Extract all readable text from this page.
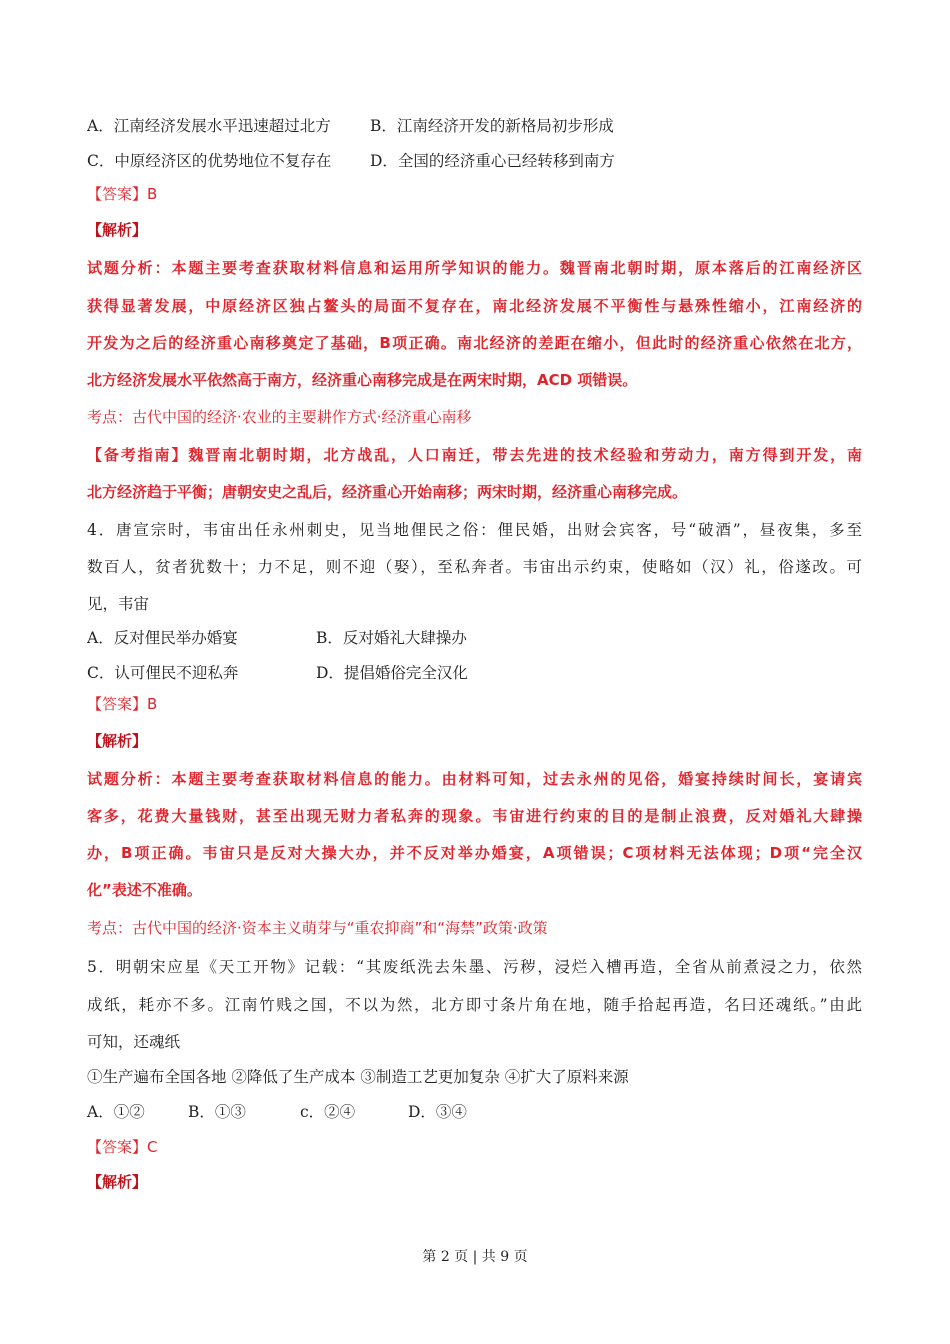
A．江南经济发展水平迅速超过北方	B．江南经济开发的新格局初步形成
C．中原经济区的优势地位不复存在 D．全国的经济重心已经转移到南方
【答案】B
【解析】
试题分析：本题主要考查获取材料信息和运用所学知识的能力。魏晋南北朝时期，原本落后的江南经济区
获得显著发展，中原经济区独占鳌头的局面不复存在，南北经济发展不平衡性与悬殊性缩小，江南经济的
开发为之后的经济重心南移奠定了基础，B项正确。南北经济的差距在缩小，但此时的经济重心依然在北方，
北方经济发展水平依然高于南方，经济重心南移完成是在两宋时期，ACD 项错误。
考点：古代中国的经济·农业的主要耕作方式·经济重心南移
【备考指南】魏晋南北朝时期，北方战乱，人口南迁，带去先进的技术经验和劳动力，南方得到开发，南
北方经济趋于平衡；唐朝安史之乱后，经济重心开始南移；两宋时期，经济重心南移完成。
4．唐宣宗时，韦宙出任永州刺史，见当地俚民之俗：俚民婚，出财会宾客，号“破酒”，昼夜集，多至
数百人，贫者犹数十；力不足，则不迎（娶），至私奔者。韦宙出示约束，使略如（汉）礼，俗遂改。可
见，韦宙
A．反对俚民举办婚宴	B．反对婚礼大肆操办
C．认可俚民不迎私奔	D．提倡婚俗完全汉化
【答案】B
【解析】
试题分析：本题主要考查获取材料信息的能力。由材料可知，过去永州的见俗，婚宴持续时间长，宴请宾
客多，花费大量钱财，甚至出现无财力者私奔的现象。韦宙进行约束的目的是制止浪费，反对婚礼大肆操
办，B项正确。韦宙只是反对大操大办，并不反对举办婚宴，A项错误；C项材料无法体现；D项“完全汉
化”表述不准确。
考点：古代中国的经济·资本主义萌芽与“重农抑商”和“海禁”政策·政策
5．明朝宋应星《天工开物》记载：“其废纸洗去朱墨、污秽，浸烂入槽再造，全省从前煮浸之力，依然
成纸，耗亦不多。江南竹贱之国，不以为然，北方即寸条片角在地，随手拾起再造，名曰还魂纸。”由此
可知，还魂纸
①生产遍布全国各地 ②降低了生产成本 ③制造工艺更加复杂 ④扩大了原料来源
A．①②	B．①③	c．②④	D．③④
【答案】C
【解析】
第 2 页 | 共 9 页
